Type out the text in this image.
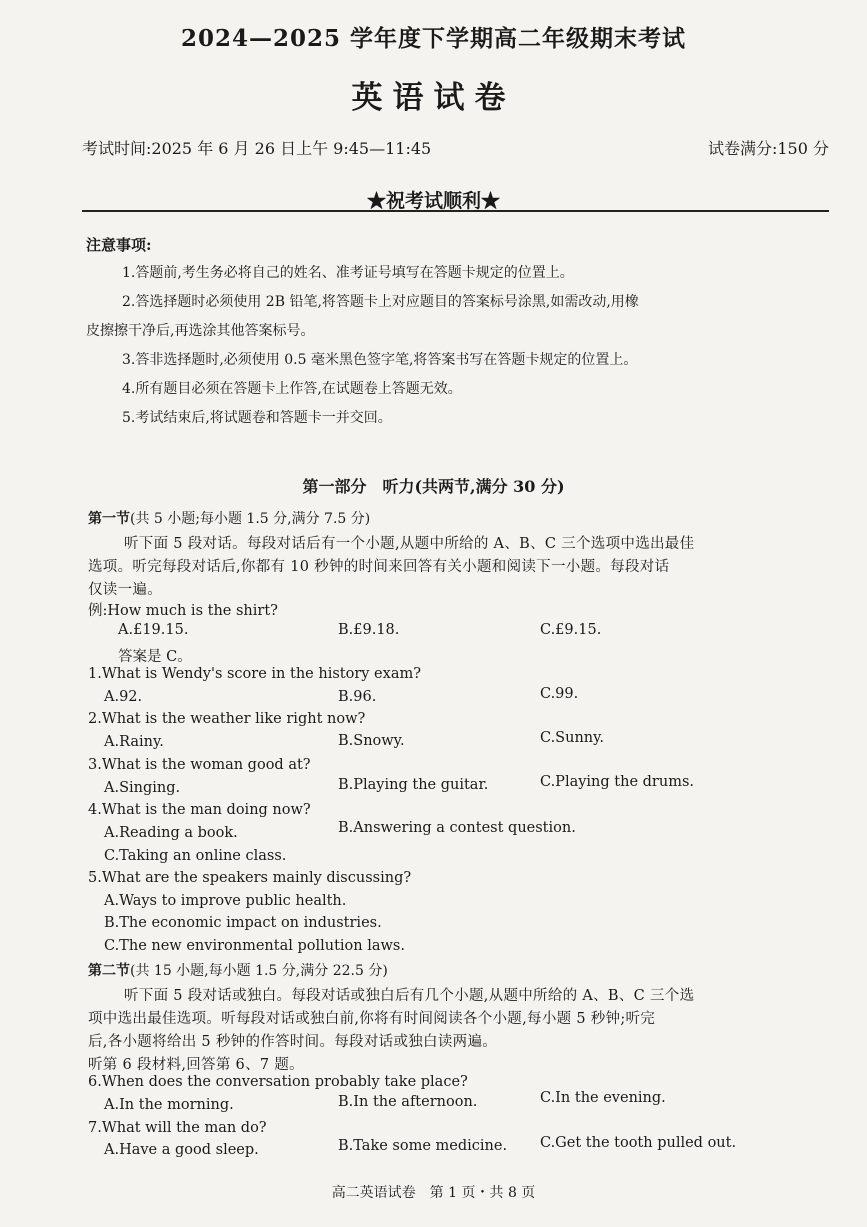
2024—2025 学年度下学期高二年级期末考试
英语试卷
考试时间:2025 年 6 月 26 日上午 9:45—11:45	试卷满分:150 分
★祝考试顺利★
注意事项:
1.答题前,考生务必将自己的姓名、准考证号填写在答题卡规定的位置上。
2.答选择题时必须使用 2B 铅笔,将答题卡上对应题目的答案标号涂黑,如需改动,用橡
皮擦擦干净后,再选涂其他答案标号。
3.答非选择题时,必须使用 0.5 毫米黑色签字笔,将答案书写在答题卡规定的位置上。
4.所有题目必须在答题卡上作答,在试题卷上答题无效。
5.考试结束后,将试题卷和答题卡一并交回。
第一部分　听力(共两节,满分 30 分)
第一节(共 5 小题;每小题 1.5 分,满分 7.5 分)
听下面 5 段对话。每段对话后有一个小题,从题中所给的 A、B、C 三个选项中选出最佳
选项。听完每段对话后,你都有 10 秒钟的时间来回答有关小题和阅读下一小题。每段对话
仅读一遍。
例:How much is the shirt?
A.£19.15.	B.£9.18.	C.£9.15.
答案是 C。
1.What is Wendy's score in the history exam?
A.92.	B.96.	C.99.
2.What is the weather like right now?
A.Rainy.	B.Snowy.	C.Sunny.
3.What is the woman good at?
A.Singing.	B.Playing the guitar.	C.Playing the drums.
4.What is the man doing now?
A.Reading a book.	B.Answering a contest question.
C.Taking an online class.
5.What are the speakers mainly discussing?
A.Ways to improve public health.
B.The economic impact on industries.
C.The new environmental pollution laws.
第二节(共 15 小题,每小题 1.5 分,满分 22.5 分)
听下面 5 段对话或独白。每段对话或独白后有几个小题,从题中所给的 A、B、C 三个选
项中选出最佳选项。听每段对话或独白前,你将有时间阅读各个小题,每小题 5 秒钟;听完
后,各小题将给出 5 秒钟的作答时间。每段对话或独白读两遍。
听第 6 段材料,回答第 6、7 题。
6.When does the conversation probably take place?
A.In the morning.	B.In the afternoon.	C.In the evening.
7.What will the man do?
A.Have a good sleep.	B.Take some medicine. C.Get the tooth pulled out.
高二英语试卷　第 1 页・共 8 页
